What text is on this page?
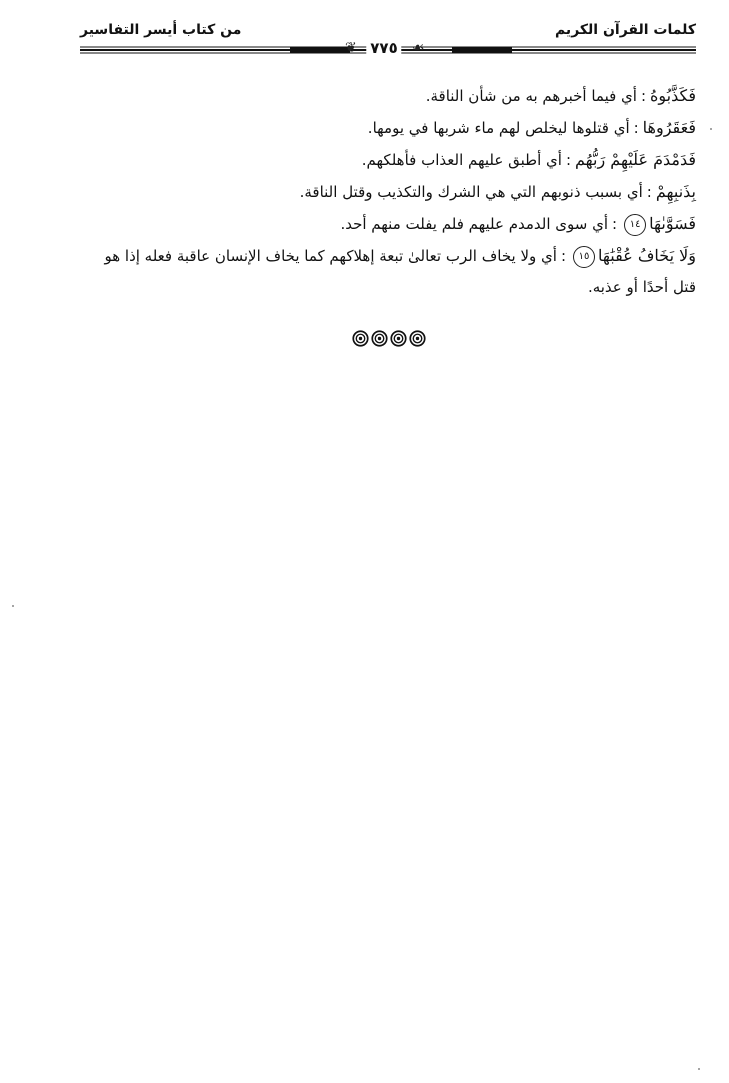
كلمات القرآن الكريم
من كتاب أيسر التفاسير
❦ ٧٧٥ ☙

فَكَذَّبُوهُ:أي فيما أخبرهم به من شأن الناقة.

فَعَقَرُوهَا:أي قتلوها ليخلص لهم ماء شربها في يومها.

فَدَمْدَمَ عَلَيْهِمْ رَبُّهُم:أي أطبق عليهم العذاب فأهلكهم.

بِذَنبِهِمْ:أي بسبب ذنوبهم التي هي الشرك والتكذيب وقتل الناقة.

فَسَوَّىٰهَا١٤:أي سوى الدمدم عليهم فلم يفلت منهم أحد.

وَلَا يَخَافُ عُقْبَٰهَا١٥:أي ولا يخاف الرب تعالىٰ تبعة إهلاكهم كما يخاف الإنسان عاقبة فعله إذا هو قتل أحدًا أو عذبه.
